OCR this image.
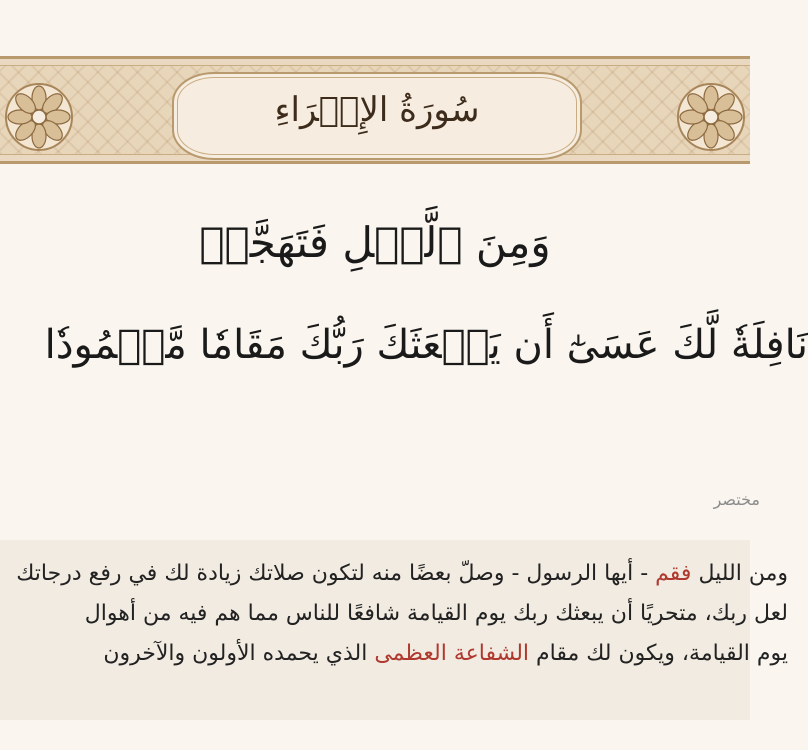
سُورَةُ الإِسۡرَاءِ
وَمِنَ ٱلَّيۡلِ فَتَهَجَّدۡ
نَافِلَةٗ لَّكَ عَسَىٰٓ أَن يَبۡعَثَكَ رَبُّكَ مَقَامٗا مَّحۡمُودٗا
مختصر
ومن الليل فقم - أيها الرسول - وصلّ بعضًا منه لتكون صلاتك زيادة لك في رفع درجاتك
لعل ربك، متحريًا أن يبعثك ربك يوم القيامة شافعًا للناس مما هم فيه من أهوال
يوم القيامة، ويكون لك مقام الشفاعة العظمى الذي يحمده الأولون والآخرون
